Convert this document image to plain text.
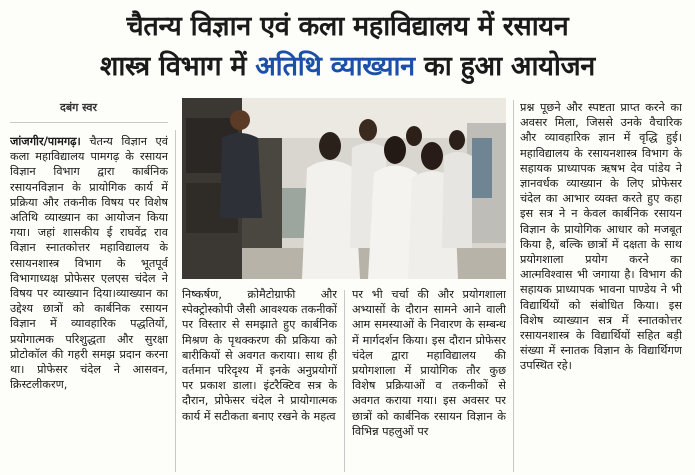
चैतन्य विज्ञान एवं कला महाविद्यालय में रसायन
शास्त्र विभाग में अतिथि व्याख्यान का हुआ आयोजन
दबंग स्वर

जांजगीर/पामगढ़। चैतन्य विज्ञान एवं कला महाविद्यालय पामगढ़ के रसायन विज्ञान विभाग द्वारा कार्बनिक रसायनविज्ञान के प्रायोगिक कार्य में प्रक्रिया और तकनीक विषय पर विशेष अतिथि व्याख्यान का आयोजन किया गया। जहां शासकीय ई राघवेंद्र राव विज्ञान स्नातकोत्तर महाविद्यालय के रसायनशास्त्र विभाग के भूतपूर्व विभागाध्यक्ष प्रोफेसर एलएस चंदेल ने विषय पर व्याख्यान दिया।व्याख्यान का उद्देश्य छात्रों को कार्बनिक रसायन विज्ञान में व्यावहारिक पद्धतियों, प्रयोगात्मक परिशुद्धता और सुरक्षा प्रोटोकॉल की गहरी समझ प्रदान करना था। प्रोफेसर चंदेल ने आसवन, क्रिस्टलीकरण,

निष्कर्षण, क्रोमैटोग्राफी और स्पेक्ट्रोस्कोपी जैसी आवश्यक तकनीकों पर विस्तार से समझाते हुए कार्बनिक मिश्रण के पृथक्करण की प्रकिया को बारीकियों से अवगत कराया। साथ ही वर्तमान परिदृश्य में इनके अनुप्रयोगों पर प्रकाश डाला। इंटरैक्टिव सत्र के दौरान, प्रोफेसर चंदेल ने प्रायोगात्मक कार्य में सटीकता बनाए रखने के महत्व

पर भी चर्चा की और प्रयोगशाला अभ्यासों के दौरान सामने आने वाली आम समस्याओं के निवारण के सम्बन्ध में मार्गदर्शन किया। इस दौरान प्रोफेसर चंदेल द्वारा महाविद्यालय की प्रयोगशाला में प्रायोगिक तौर कुछ विशेष प्रक्रियाओं व तकनीकों से अवगत कराया गया। इस अवसर पर छात्रों को कार्बनिक रसायन विज्ञान के विभिन्न पहलुओं पर

प्रश्न पूछने और स्पष्टता प्राप्त करने का अवसर मिला, जिससे उनके वैचारिक और व्यावहारिक ज्ञान में वृद्धि हुई। महाविद्यालय के रसायनशास्त्र विभाग के सहायक प्राध्यापक ऋषभ देव पांडेय ने ज्ञानवर्धक व्याख्यान के लिए प्रोफेसर चंदेल का आभार व्यक्त करते हुए कहा इस सत्र ने न केवल कार्बनिक रसायन विज्ञान के प्रायोगिक आधार को मजबूत किया है, बल्कि छात्रों में दक्षता के साथ प्रयोगशाला प्रयोग करने का आत्मविश्वास भी जगाया है। विभाग की सहायक प्राध्यापक भावना पाण्डेय ने भी विद्यार्थियों को संबोधित किया। इस विशेष व्याख्यान सत्र में स्नातकोत्तर रसायनशास्त्र के विद्यार्थियों सहित बड़ी संख्या में स्नातक विज्ञान के विद्यार्थिगण उपस्थित रहे।
